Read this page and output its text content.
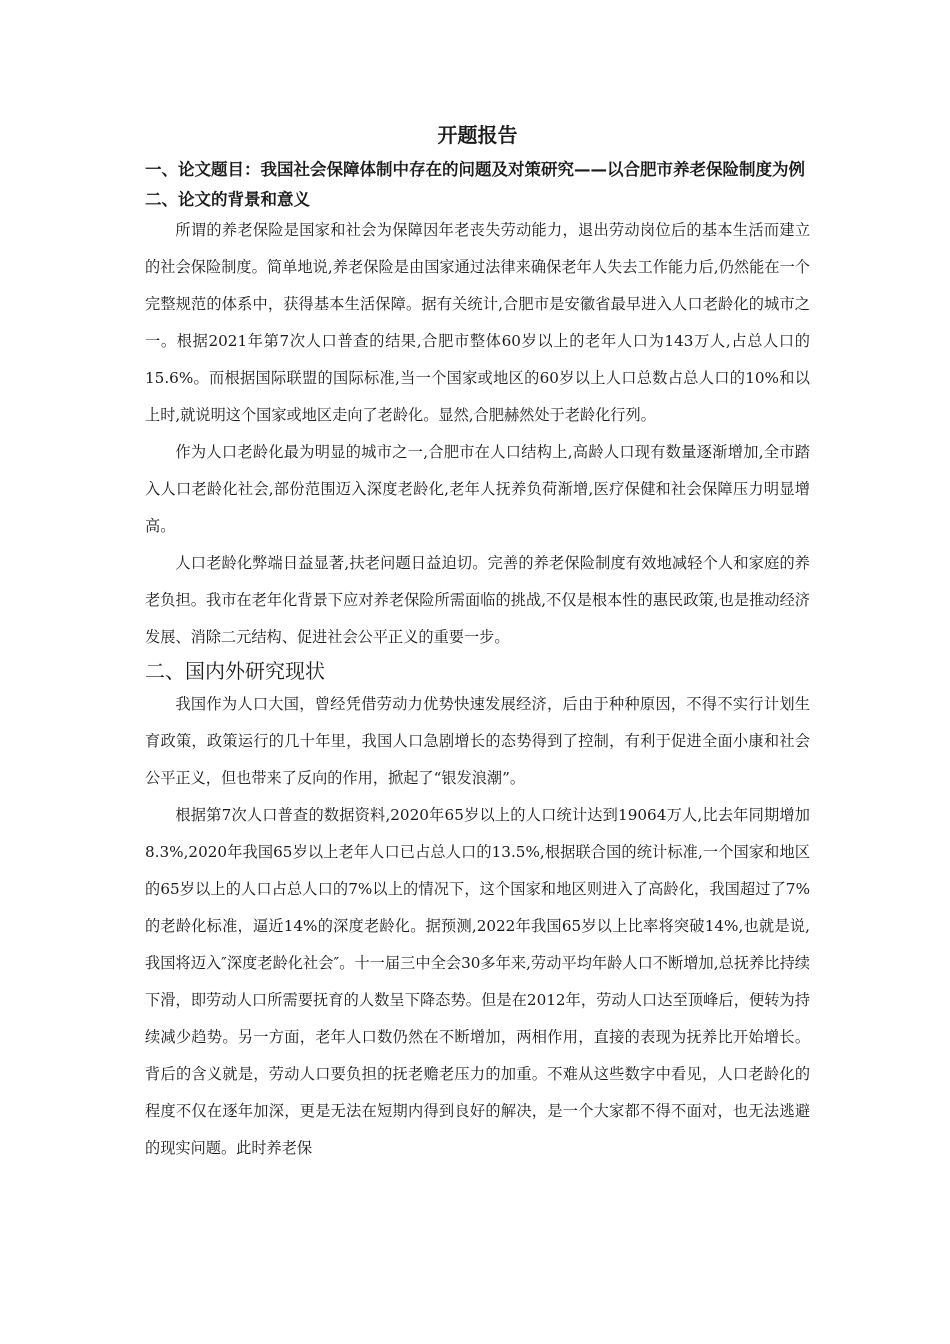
开题报告
一、论文题目：我国社会保障体制中存在的问题及对策研究——以合肥市养老保险制度为例
二、论文的背景和意义

所谓的养老保险是国家和社会为保障因年老丧失劳动能力，退出劳动岗位后的基本生活而建立的社会保险制度。简单地说,养老保险是由国家通过法律来确保老年人失去工作能力后,仍然能在一个完整规范的体系中，获得基本生活保障。据有关统计,合肥市是安徽省最早进入人口老龄化的城市之一。根据2021年第7次人口普查的结果,合肥市整体60岁以上的老年人口为143万人,占总人口的15.6%。而根据国际联盟的国际标准,当一个国家或地区的60岁以上人口总数占总人口的10%和以上时,就说明这个国家或地区走向了老龄化。显然,合肥赫然处于老龄化行列。

作为人口老龄化最为明显的城市之一,合肥市在人口结构上,高龄人口现有数量逐渐增加,全市踏入人口老龄化社会,部份范围迈入深度老龄化,老年人抚养负荷渐增,医疗保健和社会保障压力明显增高。

人口老龄化弊端日益显著,扶老问题日益迫切。完善的养老保险制度有效地减轻个人和家庭的养老负担。我市在老年化背景下应对养老保险所需面临的挑战,不仅是根本性的惠民政策,也是推动经济发展、消除二元结构、促进社会公平正义的重要一步。

二、国内外研究现状

我国作为人口大国，曾经凭借劳动力优势快速发展经济，后由于种种原因，不得不实行计划生育政策，政策运行的几十年里，我国人口急剧增长的态势得到了控制，有利于促进全面小康和社会公平正义，但也带来了反向的作用，掀起了“银发浪潮”。

根据第7次人口普查的数据资料,2020年65岁以上的人口统计达到19064万人,比去年同期增加8.3%,2020年我国65岁以上老年人口已占总人口的13.5%,根据联合国的统计标准,一个国家和地区的65岁以上的人口占总人口的7%以上的情况下，这个国家和地区则进入了高龄化，我国超过了7%的老龄化标准，逼近14%的深度老龄化。据预测,2022年我国65岁以上比率将突破14%,也就是说,我国将迈入″深度老龄化社会″。十一届三中全会30多年来,劳动平均年龄人口不断增加,总抚养比持续下滑，即劳动人口所需要抚育的人数呈下降态势。但是在2012年，劳动人口达至顶峰后，便转为持续减少趋势。另一方面，老年人口数仍然在不断增加，两相作用，直接的表现为抚养比开始增长。背后的含义就是，劳动人口要负担的抚老赡老压力的加重。不难从这些数字中看见，人口老龄化的程度不仅在逐年加深，更是无法在短期内得到良好的解决，是一个大家都不得不面对，也无法逃避的现实问题。此时养老保
